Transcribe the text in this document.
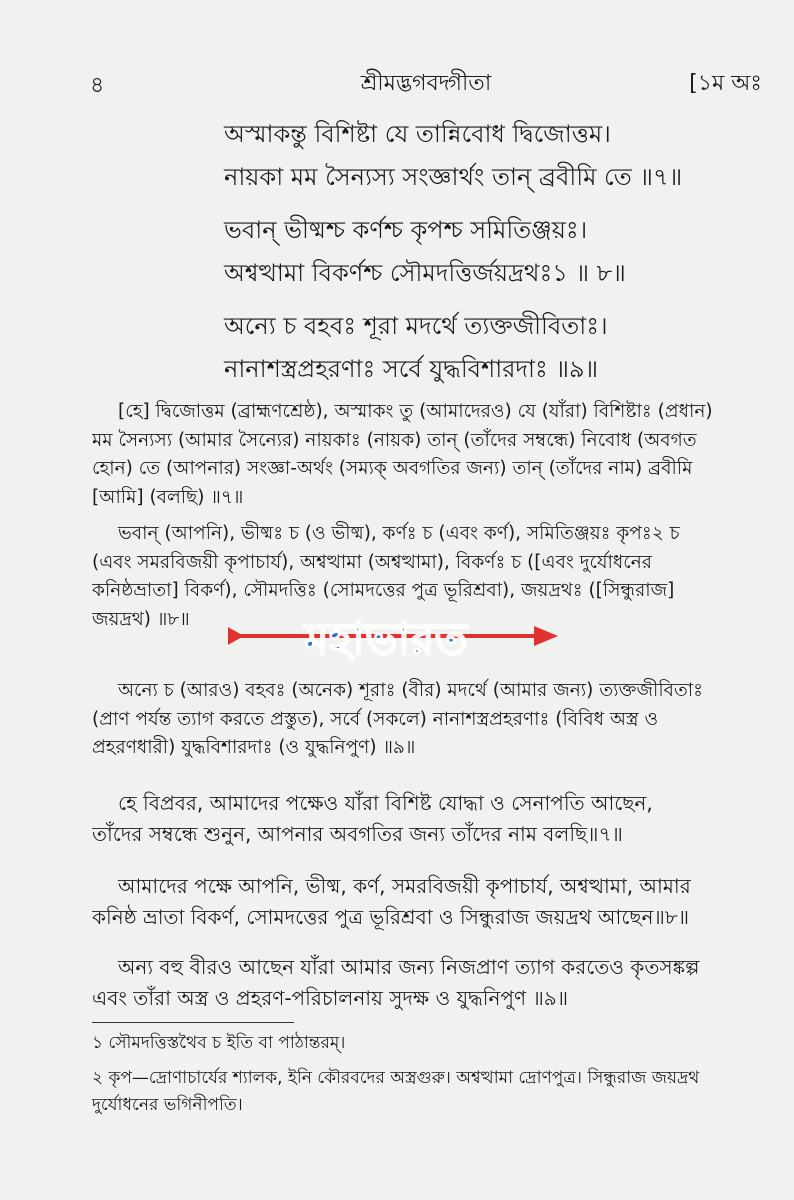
৪	শ্রীমদ্ভগবদ্গীতা	[১ম অঃ
অস্মাকন্তু বিশিষ্টা যে তান্নিবোধ দ্বিজোত্তম।
নায়কা মম সৈন্যস্য সংজ্ঞার্থং তান্ ব্রবীমি তে ॥৭॥
ভবান্ ভীষ্মশ্চ কর্ণশ্চ কৃপশ্চ সমিতিঞ্জয়ঃ।
অশ্বত্থামা বিকর্ণশ্চ সৌমদত্তির্জয়দ্রথঃ১ ॥ ৮॥
অন্যে চ বহবঃ শূরা মদর্থে ত্যক্তজীবিতাঃ।
নানাশস্ত্রপ্রহরণাঃ সর্বে যুদ্ধবিশারদাঃ ॥৯॥
[হে] দ্বিজোত্তম (ব্রাহ্মণশ্রেষ্ঠ), অস্মাকং তু (আমাদেরও) যে (যাঁরা) বিশিষ্টাঃ (প্রধান)
মম সৈন্যস্য (আমার সৈন্যের) নায়কাঃ (নায়ক) তান্ (তাঁদের সম্বন্ধে) নিবোধ (অবগত
হোন) তে (আপনার) সংজ্ঞা-অর্থং (সম্যক্ অবগতির জন্য) তান্ (তাঁদের নাম) ব্রবীমি
[আমি] (বলছি) ॥৭॥
ভবান্ (আপনি), ভীষ্মঃ চ (ও ভীষ্ম), কর্ণঃ চ (এবং কর্ণ), সমিতিঞ্জয়ঃ কৃপঃ২ চ
(এবং সমরবিজয়ী কৃপাচার্য), অশ্বত্থামা (অশ্বত্থামা), বিকর্ণঃ চ ([এবং দুর্যোধনের
কনিষ্ঠভ্রাতা] বিকর্ণ), সৌমদত্তিঃ (সোমদত্তের পুত্র ভূরিশ্রবা), জয়দ্রথঃ ([সিন্ধুরাজ]
জয়দ্রথ) ॥৮॥
অন্যে চ (আরও) বহবঃ (অনেক) শূরাঃ (বীর) মদর্থে (আমার জন্য) ত্যক্তজীবিতাঃ
(প্রাণ পর্যন্ত ত্যাগ করতে প্রস্তুত), সর্বে (সকলে) নানাশস্ত্রপ্রহরণাঃ (বিবিধ অস্ত্র ও
প্রহরণধারী) যুদ্ধবিশারদাঃ (ও যুদ্ধনিপুণ) ॥৯॥
হে বিপ্রবর, আমাদের পক্ষেও যাঁরা বিশিষ্ট যোদ্ধা ও সেনাপতি আছেন,
তাঁদের সম্বন্ধে শুনুন, আপনার অবগতির জন্য তাঁদের নাম বলছি॥৭॥
আমাদের পক্ষে আপনি, ভীষ্ম, কর্ণ, সমরবিজয়ী কৃপাচার্য, অশ্বত্থামা, আমার
কনিষ্ঠ ভ্রাতা বিকর্ণ, সোমদত্তের পুত্র ভূরিশ্রবা ও সিন্ধুরাজ জয়দ্রথ আছেন॥৮॥
অন্য বহু বীরও আছেন যাঁরা আমার জন্য নিজপ্রাণ ত্যাগ করতেও কৃতসঙ্কল্প
এবং তাঁরা অস্ত্র ও প্রহরণ-পরিচালনায় সুদক্ষ ও যুদ্ধনিপুণ ॥৯॥
১ সৌমদত্তিস্তথৈব চ ইতি বা পাঠান্তরম্।
২ কৃপ—দ্রোণাচার্যের শ্যালক, ইনি কৌরবদের অস্ত্রগুরু। অশ্বত্থামা দ্রোণপুত্র। সিন্ধুরাজ জয়দ্রথ
দুর্যোধনের ভগিনীপতি।
মহাভারত
